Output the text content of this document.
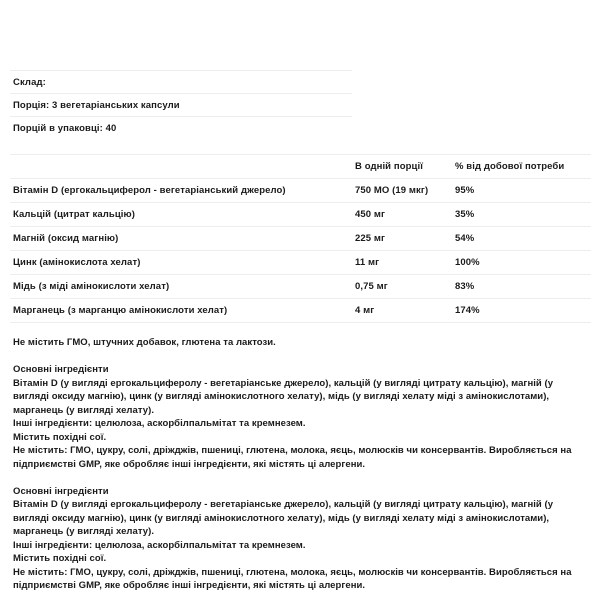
Склад:
Порція: 3 вегетаріанських капсули
Порцій в упаковці: 40
	В одній порції	% від добової потреби
Вітамін D (ергокальциферол - вегетаріанський джерело)	750 МО (19 мкг)	95%
Кальцій (цитрат кальцію)	450 мг	35%
Магній (оксид магнію)	225 мг	54%
Цинк (амінокислота хелат)	11 мг	100%
Мідь (з міді амінокислоти хелат)	0,75 мг	83%
Марганець (з марганцю амінокислоти хелат)	4 мг	174%

Не містить ГМО, штучних добавок, глютена та лактози.

Основні інгредієнти

Вітамін D (у вигляді ергокальциферолу - вегетаріанське джерело), кальцій (у вигляді цитрату кальцію), магній (у вигляді оксиду магнію), цинк (у вигляді амінокислотного хелату), мідь (у вигляді хелату міді з амінокислотами), марганець (у вигляді хелату).

Інші інгредієнти: целюлоза, аскорбілпальмітат та кремнезем.

Містить похідні сої.

Не містить: ГМО, цукру, солі, дріжджів, пшениці, глютена, молока, яєць, молюсків чи консервантів. Виробляється на підприємстві GMP, яке обробляє інші інгредієнти, які містять ці алергени.

Основні інгредієнти

Вітамін D (у вигляді ергокальциферолу - вегетаріанське джерело), кальцій (у вигляді цитрату кальцію), магній (у вигляді оксиду магнію), цинк (у вигляді амінокислотного хелату), мідь (у вигляді хелату міді з амінокислотами), марганець (у вигляді хелату).

Інші інгредієнти: целюлоза, аскорбілпальмітат та кремнезем.

Містить похідні сої.

Не містить: ГМО, цукру, солі, дріжджів, пшениці, глютена, молока, яєць, молюсків чи консервантів. Виробляється на підприємстві GMP, яке обробляє інші інгредієнти, які містять ці алергени.
